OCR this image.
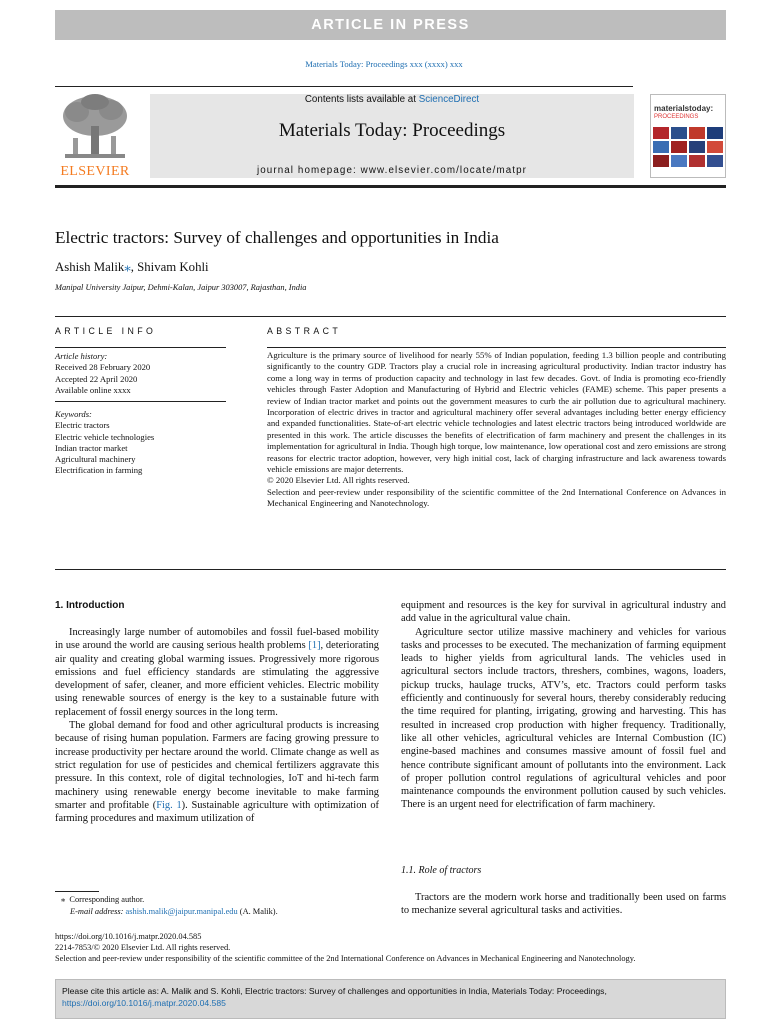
ARTICLE IN PRESS
Materials Today: Proceedings xxx (xxxx) xxx
ELSEVIER
Contents lists available at ScienceDirect
Materials Today: Proceedings
journal homepage: www.elsevier.com/locate/matpr
materialstoday:
PROCEEDINGS
Electric tractors: Survey of challenges and opportunities in India
Ashish Malik⁎, Shivam Kohli
Manipal University Jaipur, Dehmi-Kalan, Jaipur 303007, Rajasthan, India
ARTICLE INFO	ABSTRACT
Article history:
Received 28 February 2020
Accepted 22 April 2020
Available online xxxx
Keywords:
Electric tractors
Electric vehicle technologies
Indian tractor market
Agricultural machinery
Electrification in farming

Agriculture is the primary source of livelihood for nearly 55% of Indian population, feeding 1.3 billion people and contributing significantly to the country GDP. Tractors play a crucial role in increasing agricultural productivity. Indian tractor industry has come a long way in terms of production capacity and technology in last few decades. Govt. of India is promoting eco-friendly vehicles through Faster Adoption and Manufacturing of Hybrid and Electric vehicles (FAME) scheme. This paper presents a review of Indian tractor market and points out the government measures to curb the air pollution due to agricultural machinery. Incorporation of electric drives in tractor and agricultural machinery offer several advantages including better energy efficiency and expanded functionalities. State-of-art electric vehicle technologies and latest electric tractors being introduced worldwide are presented in this work. The article discusses the benefits of electrification of farm machinery and present the challenges in its implementation for agricultural in India. Though high torque, low maintenance, low operational cost and zero emissions are strong reasons for electric tractor adoption, however, very high initial cost, lack of charging infrastructure and lack awareness towards vehicle emissions are major deterrents.

© 2020 Elsevier Ltd. All rights reserved.

Selection and peer-review under responsibility of the scientific committee of the 2nd International Conference on Advances in Mechanical Engineering and Nanotechnology.

1. Introduction

Increasingly large number of automobiles and fossil fuel-based mobility in use around the world are causing serious health problems [1], deteriorating air quality and creating global warming issues. Progressively more rigorous emissions and fuel efficiency standards are stimulating the aggressive development of safer, cleaner, and more efficient vehicles. Electric mobility using renewable sources of energy is the key to a sustainable future with replacement of fossil energy sources in the long term.

The global demand for food and other agricultural products is increasing because of rising human population. Farmers are facing growing pressure to increase productivity per hectare around the world. Climate change as well as strict regulation for use of pesticides and chemical fertilizers aggravate this pressure. In this context, role of digital technologies, IoT and hi-tech farm machinery using renewable energy become inevitable to make farming smarter and profitable (Fig. 1). Sustainable agriculture with optimization of farming procedures and maximum utilization of

equipment and resources is the key for survival in agricultural industry and add value in the agricultural value chain.

Agriculture sector utilize massive machinery and vehicles for various tasks and processes to be executed. The mechanization of farming equipment leads to higher yields from agricultural lands. The vehicles used in agricultural sectors include tractors, threshers, combines, wagons, loaders, pickup trucks, haulage trucks, ATV’s, etc. Tractors could perform tasks efficiently and continuously for several hours, thereby considerably reducing the time required for planting, irrigating, growing and harvesting. This has resulted in increased crop production with higher frequency. Traditionally, like all other vehicles, agricultural vehicles are Internal Combustion (IC) engine-based machines and consumes massive amount of fossil fuel and hence contribute significant amount of pollutants into the environment. Lack of proper pollution control regulations of agricultural vehicles and poor maintenance compounds the environment pollution caused by such vehicles. There is an urgent need for electrification of farm machinery.

1.1. Role of tractors

Tractors are the modern work horse and traditionally been used on farms to mechanize several agricultural tasks and activities.

⁎ Corresponding author.
E-mail address: ashish.malik@jaipur.manipal.edu (A. Malik).
https://doi.org/10.1016/j.matpr.2020.04.585
2214-7853/© 2020 Elsevier Ltd. All rights reserved.
Selection and peer-review under responsibility of the scientific committee of the 2nd International Conference on Advances in Mechanical Engineering and Nanotechnology.
Please cite this article as: A. Malik and S. Kohli, Electric tractors: Survey of challenges and opportunities in India, Materials Today: Proceedings, https://doi.org/10.1016/j.matpr.2020.04.585
